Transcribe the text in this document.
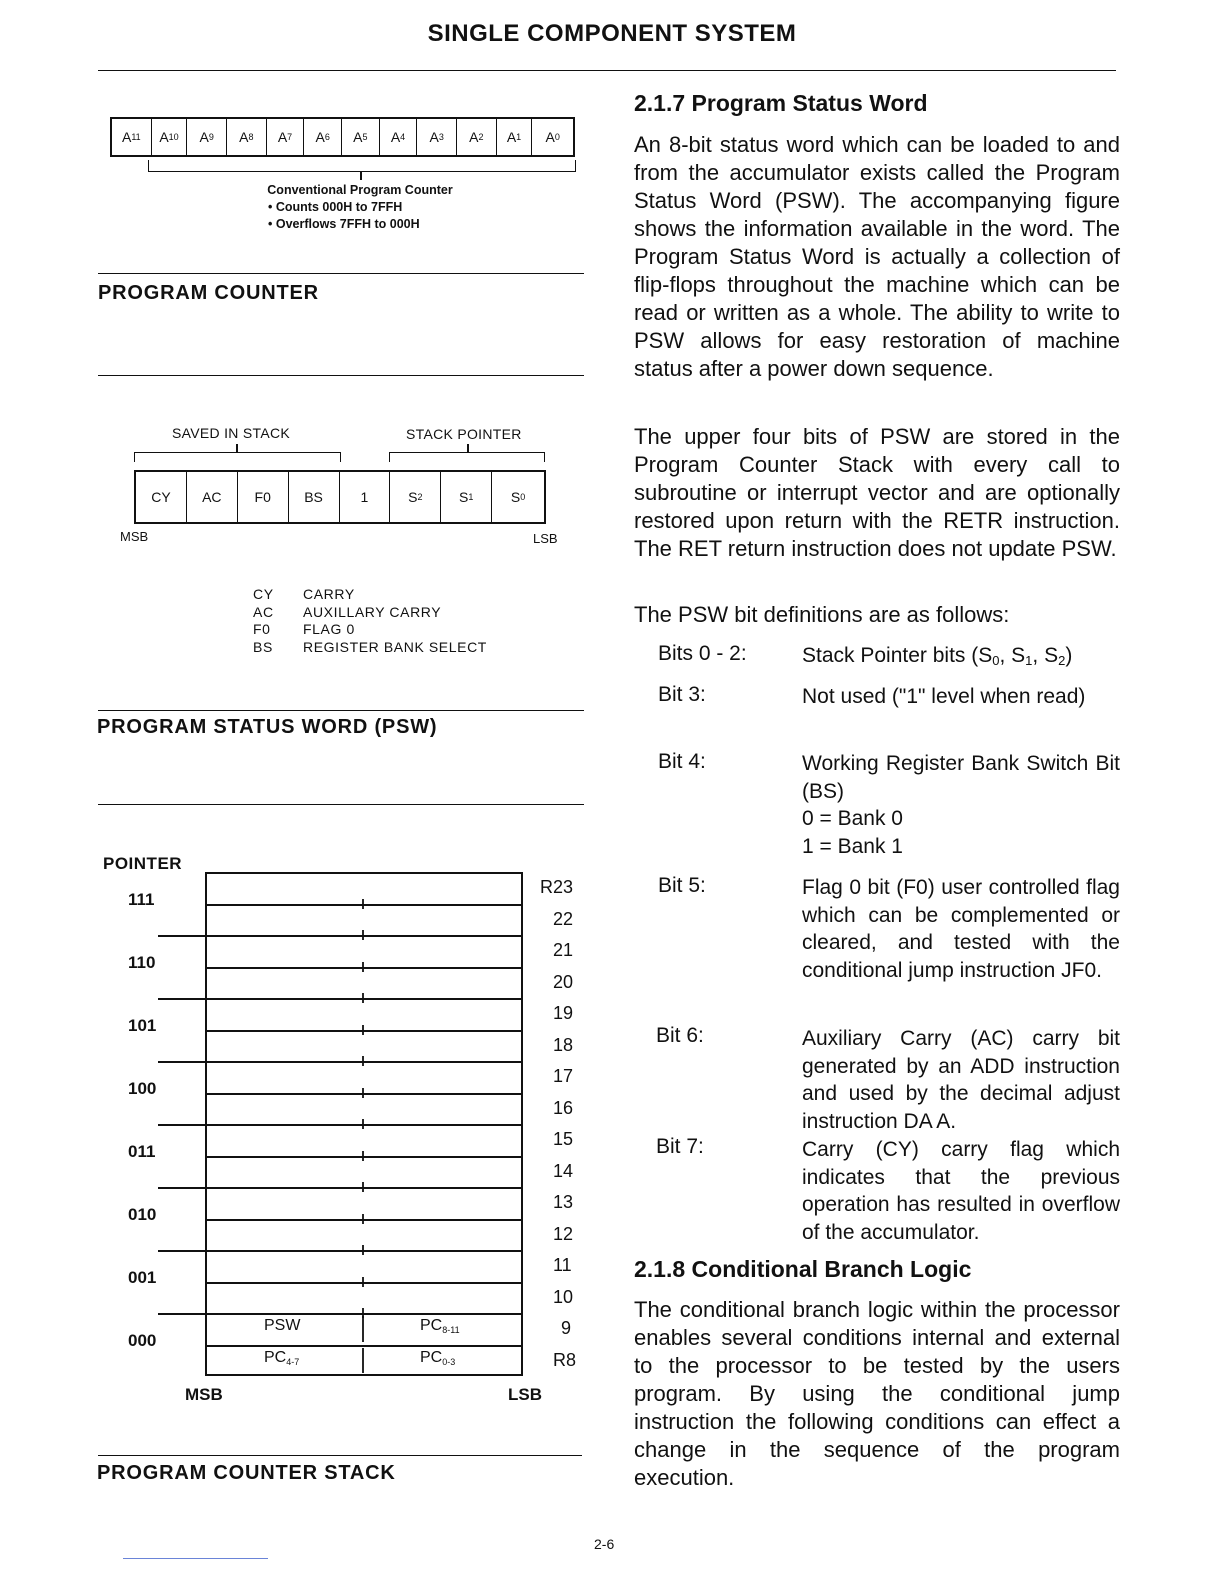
SINGLE COMPONENT SYSTEM
A 11 A 10 A 9 A 8 A 7 A 6 A 5 A 4 A 3 A 2 A 1 A 0
Conventional Program Counter
• Counts 000H to 7FFH
• Overflows 7FFH to 000H
PROGRAM COUNTER
SAVED IN STACK	STACK POINTER
CY AC F0 BS	1	S 2	S 1	S 0
MSB	LSB
CY	CARRY
AC	AUXILLARY CARRY
F0	FLAG 0
BS	REGISTER BANK SELECT
PROGRAM STATUS WORD (PSW)
POINTER
R23
22
21
20
19
18
17
16
15
14
13
12
11
10
9
R8
111
110
101
100
011
010
001
000
PSW	$PC_{8-11}$
$PC_{4-7}$	$PC_{0-3}$
MSB	LSB
PROGRAM COUNTER STACK
2.1.7 Program Status Word
An 8-bit status word which can be loaded to and from the accumulator exists called the Program Status Word (PSW). The accompanying figure shows the information available in the word. The Program Status Word is actually a collection of flip-flops throughout the machine which can be read or written as a whole. The ability to write to PSW allows for easy restoration of machine status after a power down sequence.
The upper four bits of PSW are stored in the Program Counter Stack with every call to subroutine or interrupt vector and are optionally restored upon return with the RETR instruction. The RET return instruction does not update PSW.
The PSW bit definitions are as follows:
Bits 0 - 2:	Stack Pointer bits ($S_0$, $S_1$, $S_2$)
Bit 3:	Not used ("1" level when read)
Bit 4:	Working Register Bank Switch Bit (BS)
0 = Bank 0
1 = Bank 1
Bit 5:	Flag 0 bit (F0) user controlled flag which can be complemented or cleared, and tested with the conditional jump instruction JF0.
Bit 6:	Auxiliary Carry (AC) carry bit generated by an ADD instruction and used by the decimal adjust instruction DA A.
Bit 7:	Carry (CY) carry flag which indicates that the previous operation has resulted in overflow of the accumulator.
2.1.8 Conditional Branch Logic
The conditional branch logic within the processor enables several conditions internal and external to the processor to be tested by the users program. By using the conditional jump instruction the following conditions can effect a change in the sequence of the program execution.
2-6
